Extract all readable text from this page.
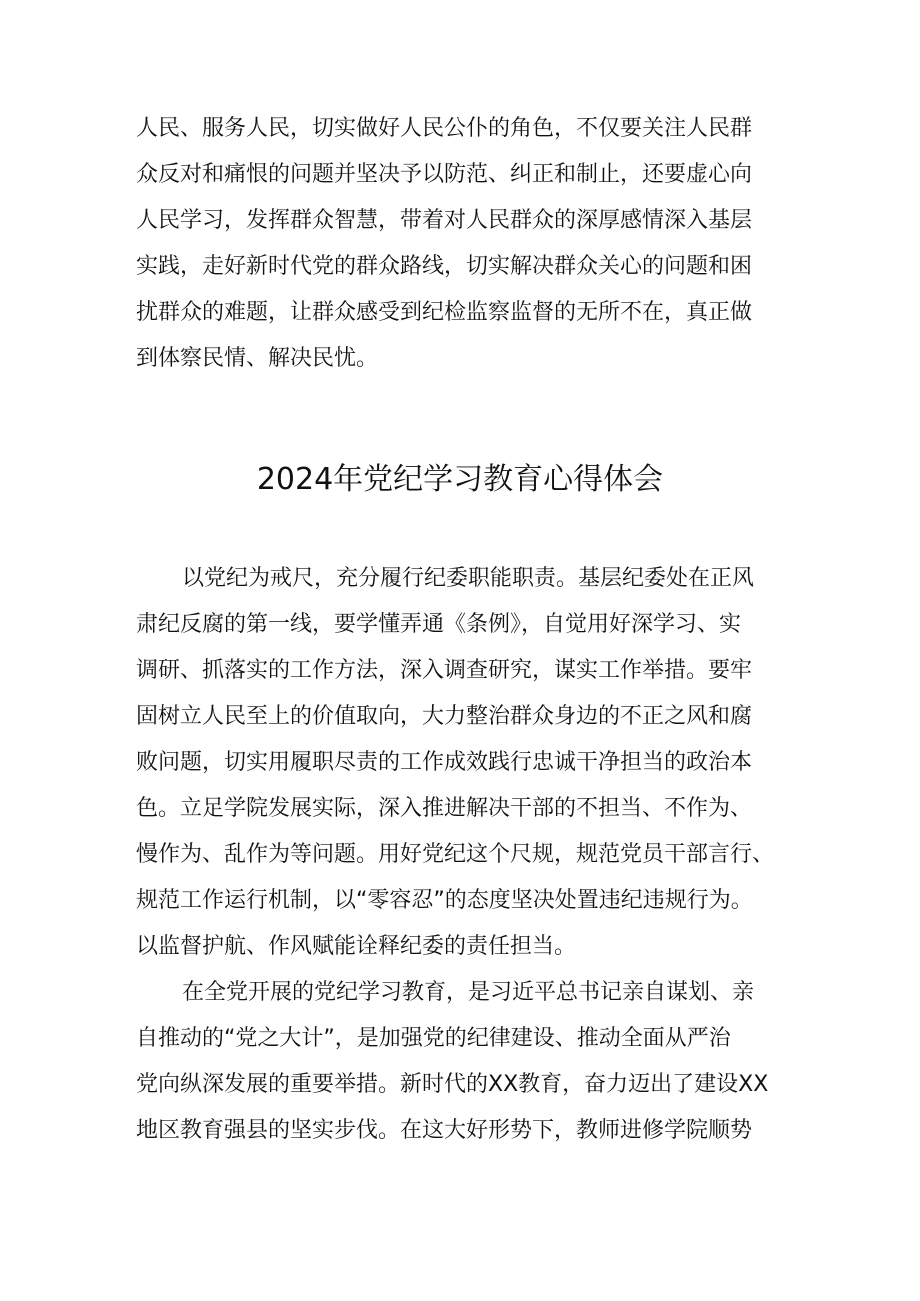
人民、服务人民，切实做好人民公仆的角色，不仅要关注人民群
众反对和痛恨的问题并坚决予以防范、纠正和制止，还要虚心向
人民学习，发挥群众智慧，带着对人民群众的深厚感情深入基层
实践，走好新时代党的群众路线，切实解决群众关心的问题和困
扰群众的难题，让群众感受到纪检监察监督的无所不在，真正做
到体察民情、解决民忧。
2024年党纪学习教育心得体会
以党纪为戒尺，充分履行纪委职能职责。基层纪委处在正风
肃纪反腐的第一线，要学懂弄通《条例》，自觉用好深学习、实
调研、抓落实的工作方法，深入调查研究，谋实工作举措。要牢
固树立人民至上的价值取向，大力整治群众身边的不正之风和腐
败问题，切实用履职尽责的工作成效践行忠诚干净担当的政治本
色。立足学院发展实际，深入推进解决干部的不担当、不作为、
慢作为、乱作为等问题。用好党纪这个尺规，规范党员干部言行、
规范工作运行机制，以“零容忍”的态度坚决处置违纪违规行为。
以监督护航、作风赋能诠释纪委的责任担当。
在全党开展的党纪学习教育，是习近平总书记亲自谋划、亲
自推动的“党之大计”，是加强党的纪律建设、推动全面从严治
党向纵深发展的重要举措。新时代的XX教育，奋力迈出了建设XX
地区教育强县的坚实步伐。在这大好形势下，教师进修学院顺势
